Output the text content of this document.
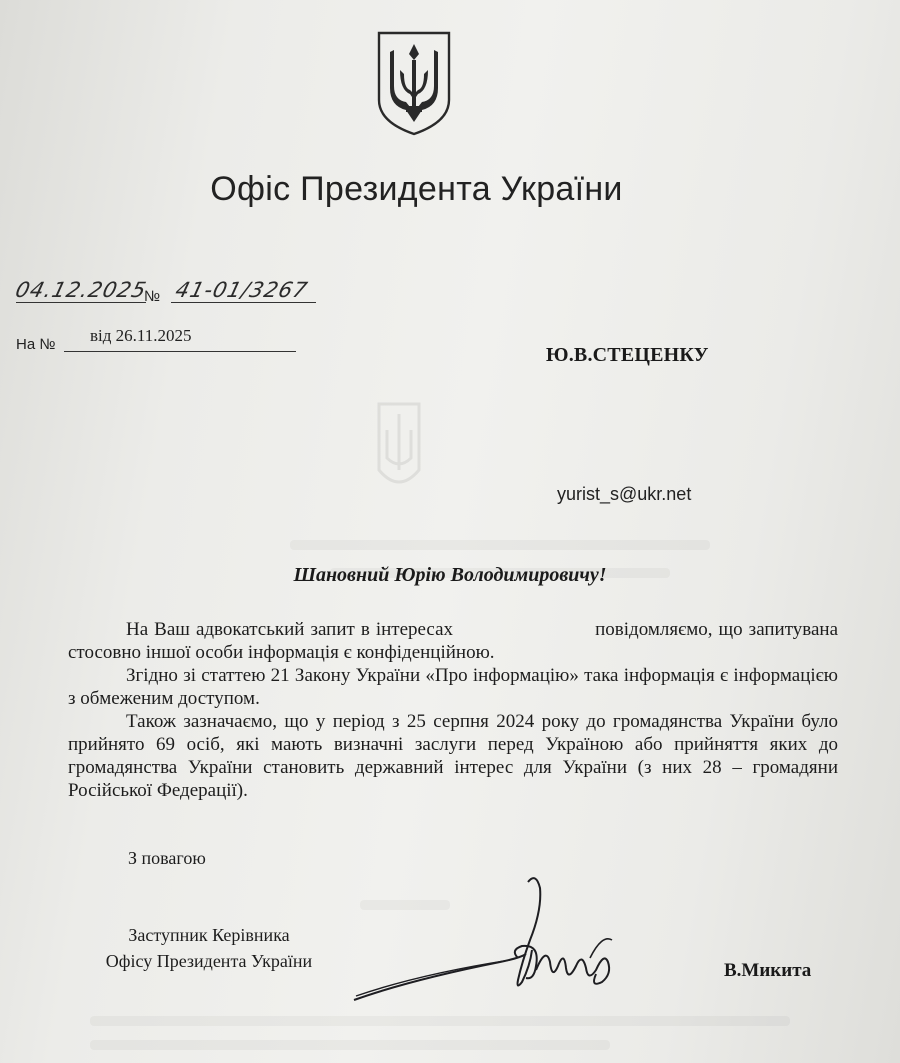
Офіс Президента України
04.12.2025
№ 41-01/3267
На № від 26.11.2025
Ю.В.СТЕЦЕНКУ
yurist_s@ukr.net
Шановний Юрію Володимировичу!

На Ваш адвокатський запит в інтересах	повідомляємо, що запитувана стосовно іншої особи інформація є конфіденційною.

Згідно зі статтею 21 Закону України «Про інформацію» така інформація є інформацією з обмеженим доступом.

Також зазначаємо, що у період з 25 серпня 2024 року до громадянства України було прийнято 69 осіб, які мають визначні заслуги перед Україною або прийняття яких до громадянства України становить державний інтерес для України (з них 28 – громадяни Російської Федерації).

З повагою
Заступник Керівника
Офісу Президента України	В.Микита
